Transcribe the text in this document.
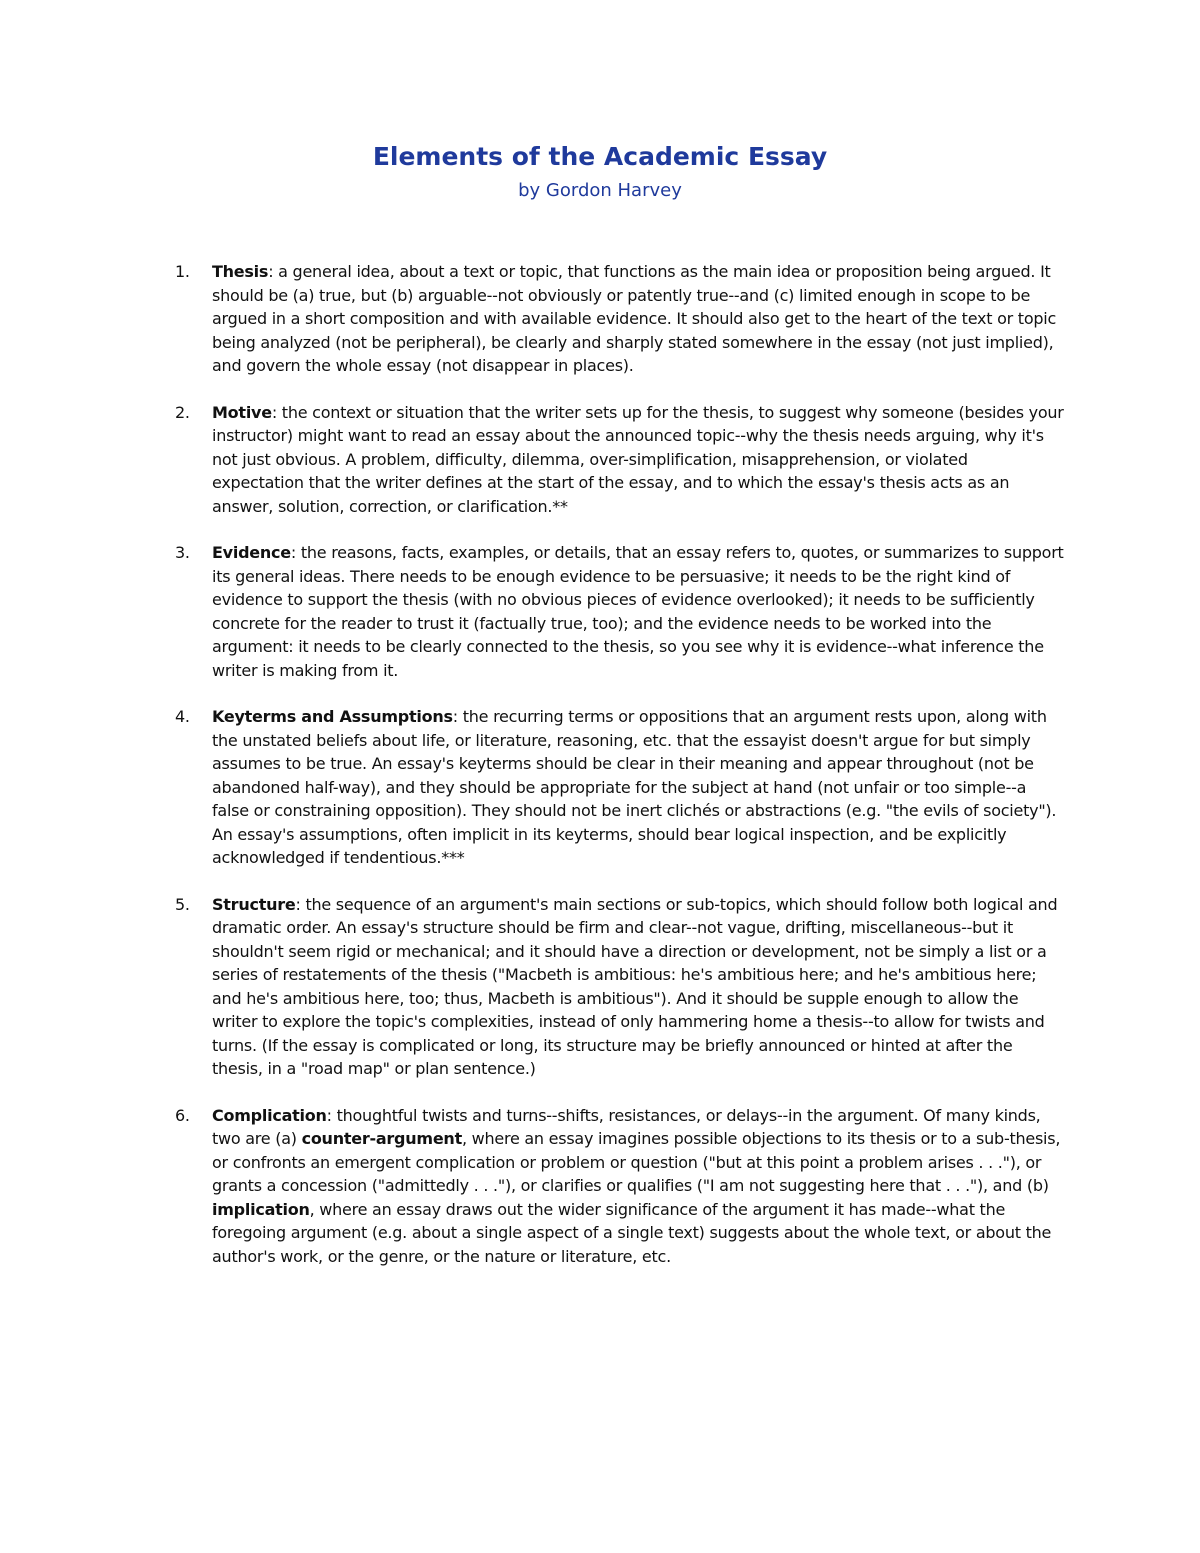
Elements of the Academic Essay

by Gordon Harvey

1.	Thesis: a general idea, about a text or topic, that functions as the main idea or proposition being argued. It should be (a) true, but (b) arguable--not obviously or patently true--and (c) limited enough in scope to be argued in a short composition and with available evidence. It should also get to the heart of the text or topic being analyzed (not be peripheral), be clearly and sharply stated somewhere in the essay (not just implied), and govern the whole essay (not disappear in places).
2.	Motive: the context or situation that the writer sets up for the thesis, to suggest why someone (besides your instructor) might want to read an essay about the announced topic--why the thesis needs arguing, why it's not just obvious. A problem, difficulty, dilemma, over-simplification, misapprehension, or violated expectation that the writer defines at the start of the essay, and to which the essay's thesis acts as an answer, solution, correction, or clarification.**
3.	Evidence: the reasons, facts, examples, or details, that an essay refers to, quotes, or summarizes to support its general ideas. There needs to be enough evidence to be persuasive; it needs to be the right kind of evidence to support the thesis (with no obvious pieces of evidence overlooked); it needs to be sufficiently concrete for the reader to trust it (factually true, too); and the evidence needs to be worked into the argument: it needs to be clearly connected to the thesis, so you see why it is evidence--what inference the writer is making from it.
4.	Keyterms and Assumptions: the recurring terms or oppositions that an argument rests upon, along with the unstated beliefs about life, or literature, reasoning, etc. that the essayist doesn't argue for but simply assumes to be true. An essay's keyterms should be clear in their meaning and appear throughout (not be abandoned half-way), and they should be appropriate for the subject at hand (not unfair or too simple--a false or constraining opposition). They should not be inert clichés or abstractions (e.g. "the evils of society"). An essay's assumptions, often implicit in its keyterms, should bear logical inspection, and be explicitly acknowledged if tendentious.***
5.	Structure: the sequence of an argument's main sections or sub-topics, which should follow both logical and dramatic order. An essay's structure should be firm and clear--not vague, drifting, miscellaneous--but it shouldn't seem rigid or mechanical; and it should have a direction or development, not be simply a list or a series of restatements of the thesis ("Macbeth is ambitious: he's ambitious here; and he's ambitious here; and he's ambitious here, too; thus, Macbeth is ambitious"). And it should be supple enough to allow the writer to explore the topic's complexities, instead of only hammering home a thesis--to allow for twists and turns. (If the essay is complicated or long, its structure may be briefly announced or hinted at after the thesis, in a "road map" or plan sentence.)
6.	Complication: thoughtful twists and turns--shifts, resistances, or delays--in the argument. Of many kinds, two are (a) counter-argument, where an essay imagines possible objections to its thesis or to a sub-thesis, or confronts an emergent complication or problem or question ("but at this point a problem arises . . ."), or grants a concession ("admittedly . . ."), or clarifies or qualifies ("I am not suggesting here that . . ."), and (b) implication, where an essay draws out the wider significance of the argument it has made--what the foregoing argument (e.g. about a single aspect of a single text) suggests about the whole text, or about the author's work, or the genre, or the nature or literature, etc.
